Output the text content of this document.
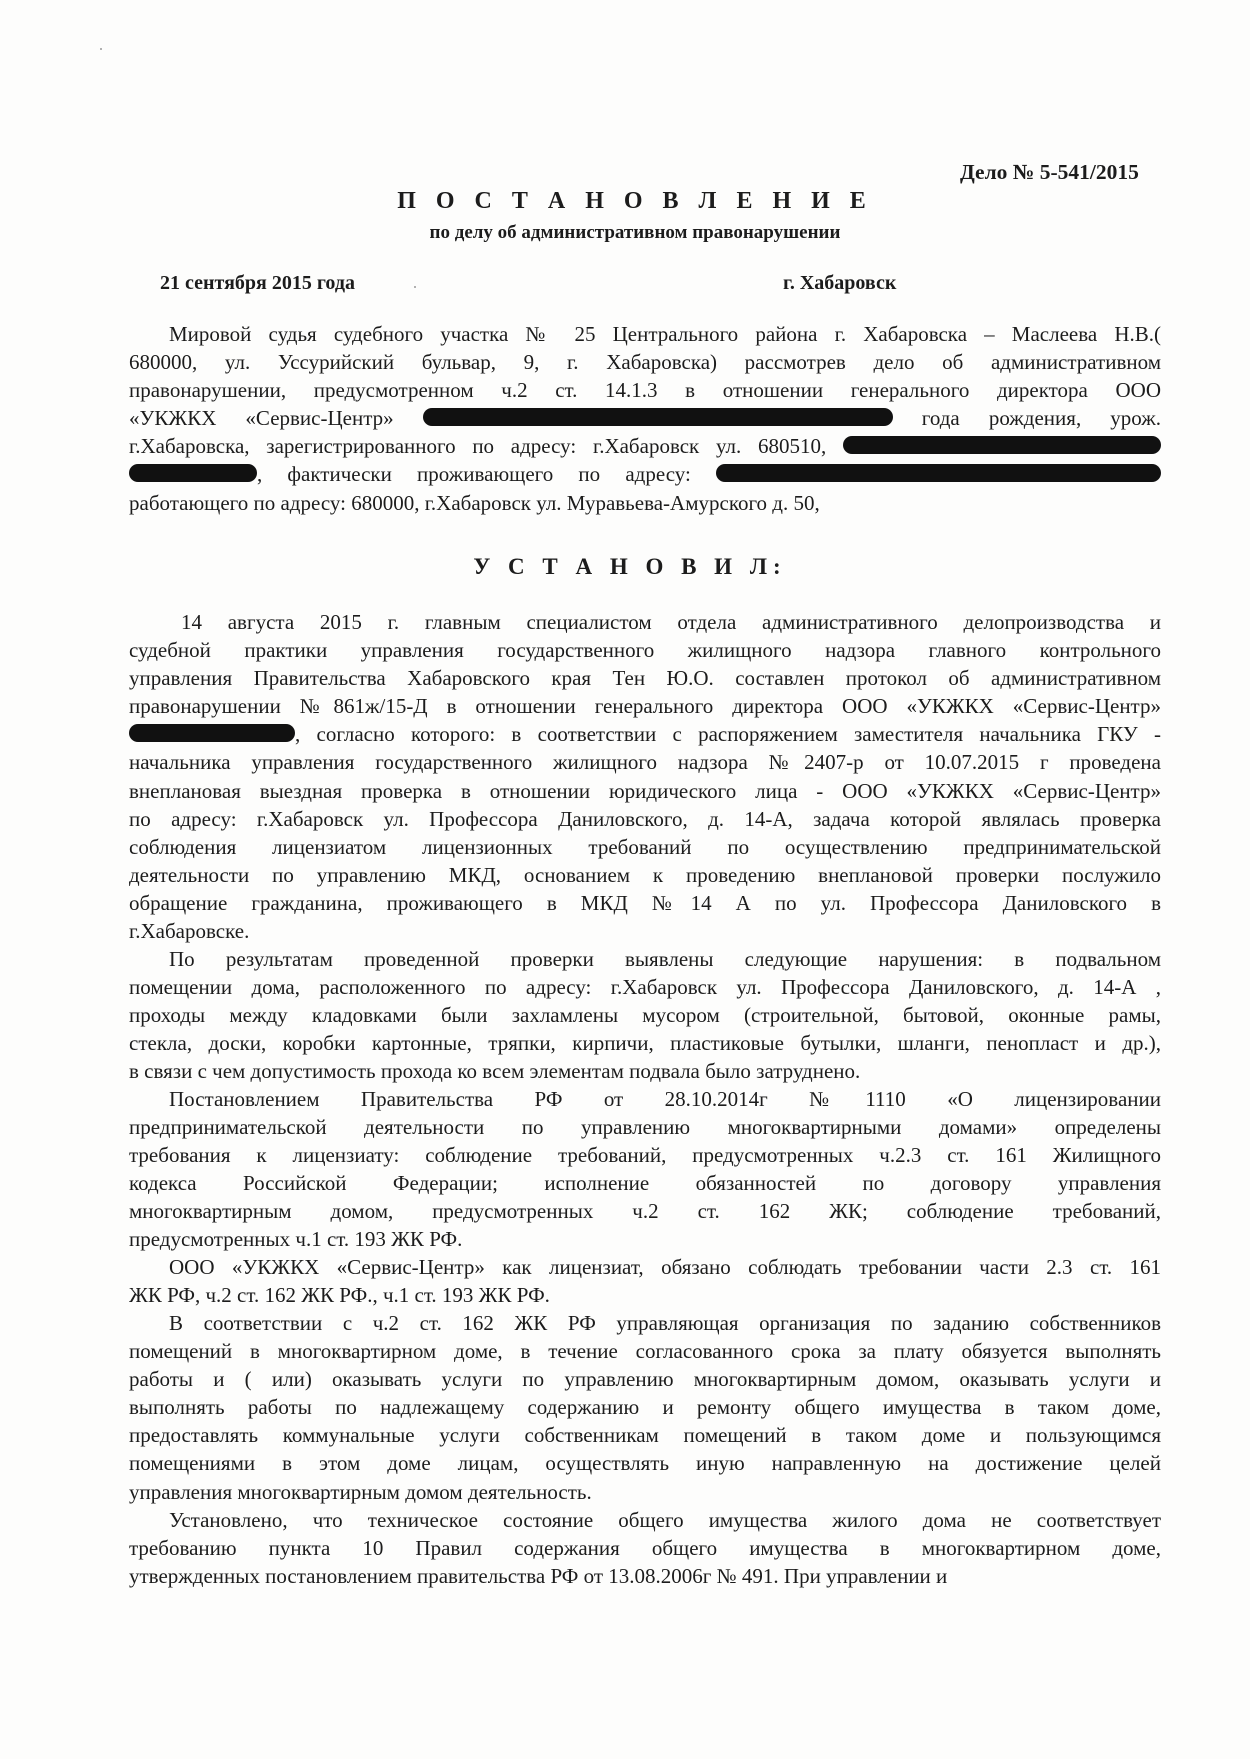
Дело № 5-541/2015
П О С Т А Н О В Л Е Н И Е
по делу об административном правонарушении
21 сентября 2015 года	г. Хабаровск
Мировой судья судебного участка № 25 Центрального района г. Хабаровска – Маслеева Н.В.(
680000, ул. Уссурийский бульвар, 9, г. Хабаровска) рассмотрев дело об административном
правонарушении, предусмотренном ч.2 ст. 14.1.3 в отношении генерального директора ООО
«УКЖКХ «Сервис-Центр»	года рождения, урож.
г.Хабаровска, зарегистрированного по адресу: г.Хабаровск ул. 680510,
, фактически проживающего по адресу:
работающего по адресу: 680000, г.Хабаровск ул. Муравьева-Амурского д. 50,
У С Т А Н О В И Л:
14 августа 2015 г. главным специалистом отдела административного делопроизводства и
судебной практики управления государственного жилищного надзора главного контрольного
управления Правительства Хабаровского края Тен Ю.О. составлен протокол об административном
правонарушении №861ж/15-Д в отношении генерального директора ООО «УКЖКХ «Сервис-Центр»
, согласно которого: в соответствии с распоряжением заместителя начальника ГКУ -
начальника управления государственного жилищного надзора №2407-р от 10.07.2015 г проведена
внеплановая выездная проверка в отношении юридического лица - ООО «УКЖКХ «Сервис-Центр»
по адресу: г.Хабаровск ул. Профессора Даниловского, д. 14-А, задача которой являлась проверка
соблюдения лицензиатом лицензионных требований по осуществлению предпринимательской
деятельности по управлению МКД, основанием к проведению внеплановой проверки послужило
обращение гражданина, проживающего в МКД №14 А по ул. Профессора Даниловского в
г.Хабаровске.
По результатам проведенной проверки выявлены следующие нарушения: в подвальном
помещении дома, расположенного по адресу: г.Хабаровск ул. Профессора Даниловского, д. 14-А ,
проходы между кладовками были захламлены мусором (строительной, бытовой, оконные рамы,
стекла, доски, коробки картонные, тряпки, кирпичи, пластиковые бутылки, шланги, пенопласт и др.),
в связи с чем допустимость прохода ко всем элементам подвала было затруднено.
Постановлением Правительства РФ от 28.10.2014г №1110 «О лицензировании
предпринимательской деятельности по управлению многоквартирными домами» определены
требования к лицензиату: соблюдение требований, предусмотренных ч.2.3 ст. 161 Жилищного
кодекса Российской Федерации; исполнение обязанностей по договору управления
многоквартирным домом, предусмотренных ч.2 ст. 162 ЖК; соблюдение требований,
предусмотренных ч.1 ст. 193 ЖК РФ.
ООО «УКЖКХ «Сервис-Центр» как лицензиат, обязано соблюдать требовании части 2.3 ст. 161
ЖК РФ, ч.2 ст. 162 ЖК РФ., ч.1 ст. 193 ЖК РФ.
В соответствии с ч.2 ст. 162 ЖК РФ управляющая организация по заданию собственников
помещений в многоквартирном доме, в течение согласованного срока за плату обязуется выполнять
работы и ( или) оказывать услуги по управлению многоквартирным домом, оказывать услуги и
выполнять работы по надлежащему содержанию и ремонту общего имущества в таком доме,
предоставлять коммунальные услуги собственникам помещений в таком доме и пользующимся
помещениями в этом доме лицам, осуществлять иную направленную на достижение целей
управления многоквартирным домом деятельность.
Установлено, что техническое состояние общего имущества жилого дома не соответствует
требованию пункта 10 Правил содержания общего имущества в многоквартирном доме,
утвержденных постановлением правительства РФ от 13.08.2006г № 491. При управлении и
